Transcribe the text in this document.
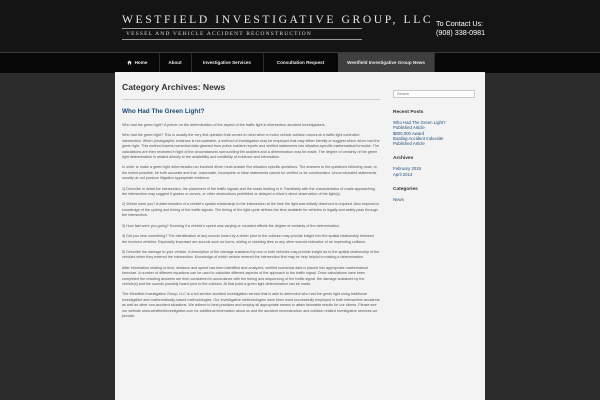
WESTFIELD INVESTIGATIVE GROUP, LLC
VESSEL AND VEHICLE ACCIDENT RECONSTRUCTION
To Contact Us:
(908) 338-0981
Home	About	Investigative Services	Consultation Request	Westfield Investigative Group News
Category Archives: News
Who Had The Green Light?

Who had the green light? A primer on the determination of the aspect of the traffic light in intersection accident investigations.

Who had the green light? This is usually the very first question that comes to mind when a motor vehicle collision occurs at a traffic light controlled intersection. When photographic evidence is not available, a method of investigation may be employed that may either identify or suggest which driver had the green light. This method inserts numerical data gleaned from police incident reports and verified statements into situation-specific mathematical formulae. The calculations are then reviewed in light of the circumstances surrounding the accident and a determination may be made. The degree of certainty of the green light determination is related directly to the availability and credibility of evidence and information.

In order to make a green light determination an involved driver must answer five situation specific questions. The answers to the questions following must, to the extent possible, be both accurate and true. Inaccurate, incomplete or false statements cannot be verified or be corroborated. Uncorroborated statements usually do not produce litigation appropriate evidence.

1) Describe in detail the intersection, the placement of the traffic signals and the roads leading to it. Familiarity with the characteristics of roads approaching the intersection may suggest if grades or curves, or other obstructions prohibited or delayed a driver's direct observation of the light(s).

2) Where were you? A determination of a vehicle's spatial relationship to the intersection at the time the light was initially observed is required. Also required is knowledge of the cycling and timing of the traffic signals. The timing of the light cycle defines the time available for vehicles to legally and safely pass through the intersection.

3) How fast were you going? Knowing if a vehicle's speed was varying or constant affects the degree of certainty of the determination.

4) Did you hear something? The identification of any sounds heard by a driver prior to the collision may provide insight into the spatial relationship between the involved vehicles. Especially important are sounds such as horns, sliding or skidding tires or any other sounds indicative of an impending collision.

5) Describe the damage to your vehicle. A description of the damage sustained by one or both vehicles may provide insight as to the spatial relationship of the vehicles when they entered the intersection. Knowledge of which vehicle entered the intersection first may be help helpful in making a determination.

After information relating to time, distance and speed has been identified and analyzed, verified numerical data is placed into appropriate mathematical formulae. A number of different equations can be used to calculate different aspects of the approach to the traffic signal. Once calculations have been completed the resulting answers are then considered in accordance with the timing and sequencing of the traffic signal, the damage sustained by the vehicle(s) and the sounds possibly heard prior to the collision. At that point a green light determination can be made.

The Westfield Investigative Group, LLC is a full service accident investigation service that is able to determine who had the green light using traditional investigative and mathematically-based methodologies. Our investigative methodologies have been used successfully employed in both intersection accidents as well as other non-accident situations. We adhere to best practices and employ all appropriate means to attain favorable results for our clients. Please see our website www.westfieldinvestigative.com for additional information about us and the accident reconstruction and collision related investigative services we provide.

Search
Recent Posts
Who Had The Green Light?
Published Article
$800,000 Award
Boating Accident Inducsite
Published Article
Archives
February 2019
April 2014
Categories
News
